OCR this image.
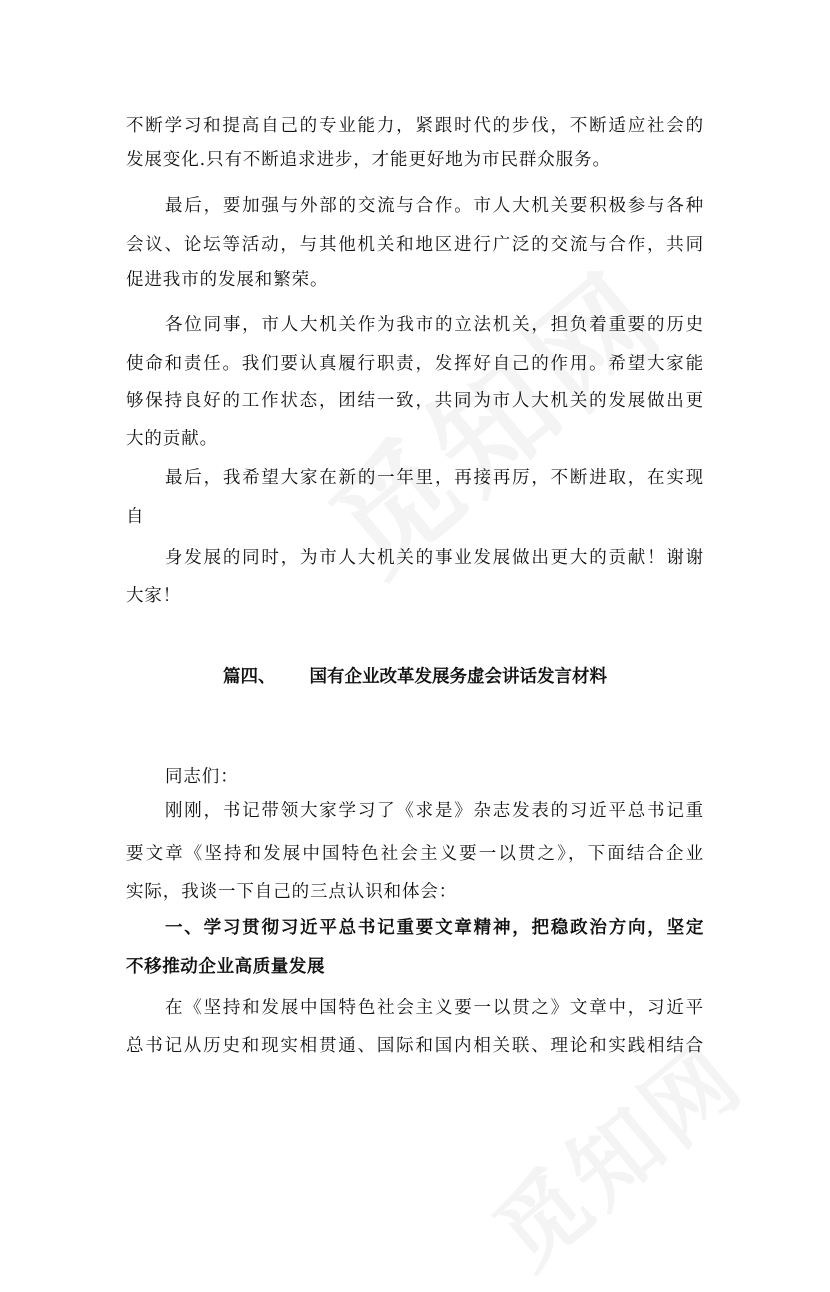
不断学习和提高自己的专业能力，紧跟时代的步伐，不断适应社会的
发展变化.只有不断追求进步，才能更好地为市民群众服务。
最后，要加强与外部的交流与合作。市人大机关要积极参与各种
会议、论坛等活动，与其他机关和地区进行广泛的交流与合作，共同
促进我市的发展和繁荣。
各位同事，市人大机关作为我市的立法机关，担负着重要的历史
使命和责任。我们要认真履行职责，发挥好自己的作用。希望大家能
够保持良好的工作状态，团结一致，共同为市人大机关的发展做出更
大的贡献。
最后，我希望大家在新的一年里，再接再厉，不断进取，在实现
自
身发展的同时，为市人大机关的事业发展做出更大的贡献！谢谢
大家！
篇四、 国有企业改革发展务虚会讲话发言材料
同志们：
刚刚，书记带领大家学习了《求是》杂志发表的习近平总书记重
要文章《坚持和发展中国特色社会主义要一以贯之》，下面结合企业
实际，我谈一下自己的三点认识和体会：
一、学习贯彻习近平总书记重要文章精神，把稳政治方向，坚定
不移推动企业高质量发展
在《坚持和发展中国特色社会主义要一以贯之》文章中，习近平
总书记从历史和现实相贯通、国际和国内相关联、理论和实践相结合
